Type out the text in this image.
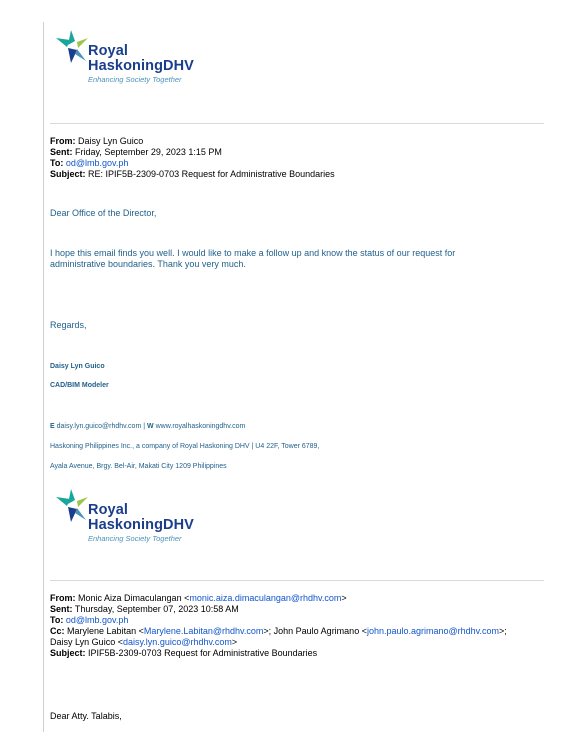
Royal
HaskoningDHV
Enhancing Society Together
From: Daisy Lyn Guico
Sent: Friday, September 29, 2023 1:15 PM
To: od@lmb.gov.ph
Subject: RE: IPIF5B-2309-0703 Request for Administrative Boundaries
Dear Office of the Director,
I hope this email finds you well. I would like to make a follow up and know the status of our request for
administrative boundaries. Thank you very much.
Regards,
Daisy Lyn Guico
CAD/BIM Modeler
E daisy.lyn.guico@rhdhv.com | W www.royalhaskoningdhv.com
Haskoning Philippines Inc., a company of Royal Haskoning DHV | U4 22F, Tower 6789,
Ayala Avenue, Brgy. Bel-Air, Makati City 1209 Philippines
Royal
HaskoningDHV
Enhancing Society Together
From: Monic Aiza Dimaculangan <monic.aiza.dimaculangan@rhdhv.com>
Sent: Thursday, September 07, 2023 10:58 AM
To: od@lmb.gov.ph
Cc: Marylene Labitan <Marylene.Labitan@rhdhv.com>; John Paulo Agrimano <john.paulo.agrimano@rhdhv.com>;
Daisy Lyn Guico <daisy.lyn.guico@rhdhv.com>
Subject: IPIF5B-2309-0703 Request for Administrative Boundaries
Dear Atty. Talabis,
